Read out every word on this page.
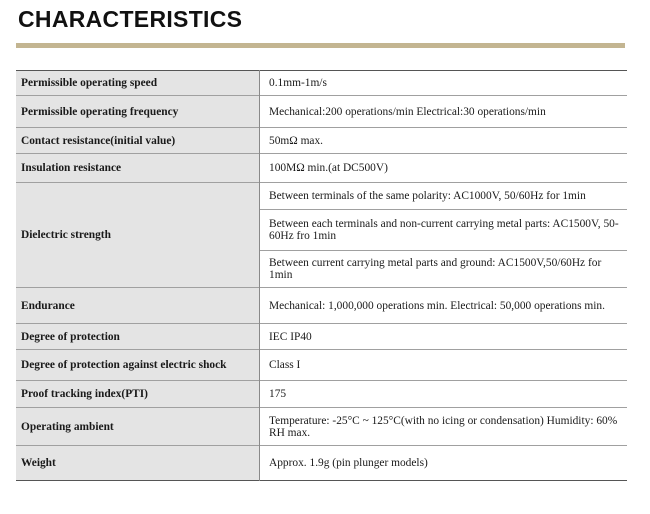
CHARACTERISTICS
Permissible operating speed	0.1mm-1m/s
Permissible operating frequency	Mechanical:200 operations/min Electrical:30 operations/min
Contact resistance(initial value)	50mΩ max.
Insulation resistance	100MΩ min.(at DC500V)
Dielectric strength	Between terminals of the same polarity: AC1000V, 50/60Hz for 1min
	Between each terminals and non-current carrying metal parts: AC1500V, 50-60Hz fro 1min
	Between current carrying metal parts and ground: AC1500V,50/60Hz for 1min
Endurance	Mechanical: 1,000,000 operations min. Electrical: 50,000 operations min.
Degree of protection	IEC IP40
Degree of protection against electric shock	Class I
Proof tracking index(PTI)	175
Operating ambient	Temperature: -25°C ~ 125°C(with no icing or condensation) Humidity: 60% RH max.
Weight	Approx. 1.9g (pin plunger models)
